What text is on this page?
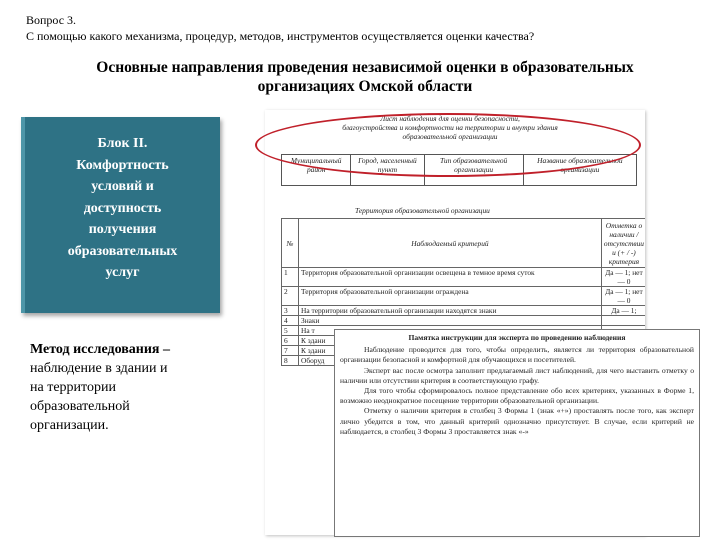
Вопрос 3.
С помощью какого механизма, процедур, методов, инструментов осуществляется оценки качества?
Основные направления проведения независимой оценки в образовательных
организациях Омской области
Блок II.
Комфортность
условий и
доступность
получения
образовательных
услуг
Метод исследования –
наблюдение в здании и
на территории
образовательной
организации.
Лист наблюдения для оценки безопасности,
благоустройства и комфортности на территории и внутри здания
образовательной организации
Муниципальный район	Город, населенный пункт	Тип образовательной организации	Название образовательной организации
Территория образовательной организации
№	Наблюдаемый критерий	Отметка о наличии / отсутствии и (+ / -) критерия
1	Территория образовательной организации освещена в темное время суток	Да — 1; нет — 0
2	Территория образовательной организации ограждена	Да — 1; нет — 0
3	На территории образовательной организации находятся знаки	Да — 1;
4	Знаки	
5	На т	
6	К здани	
7	К здани	
8	Оборуд	
Памятка инструкции для эксперта по проведению наблюдения

Наблюдение проводится для того, чтобы определить, является ли территория образовательной организации безопасной и комфортной для обучающихся и посетителей.

Эксперт вас после осмотра заполнит предлагаемый лист наблюдений, для чего выставить отметку о наличии или отсутствии критерия в соответствующую графу.

Для того чтобы сформировалось полное представление обо всех критериях, указанных в Форме 1, возможно неоднократное посещение территории образовательной организации.

Отметку о наличии критерия в столбец 3 Формы 1 (знак «+») проставлять после того, как эксперт лично убедится в том, что данный критерий однозначно присутствует. В случае, если критерий не наблюдается, в столбец 3 Формы 3 проставляется знак «-»
